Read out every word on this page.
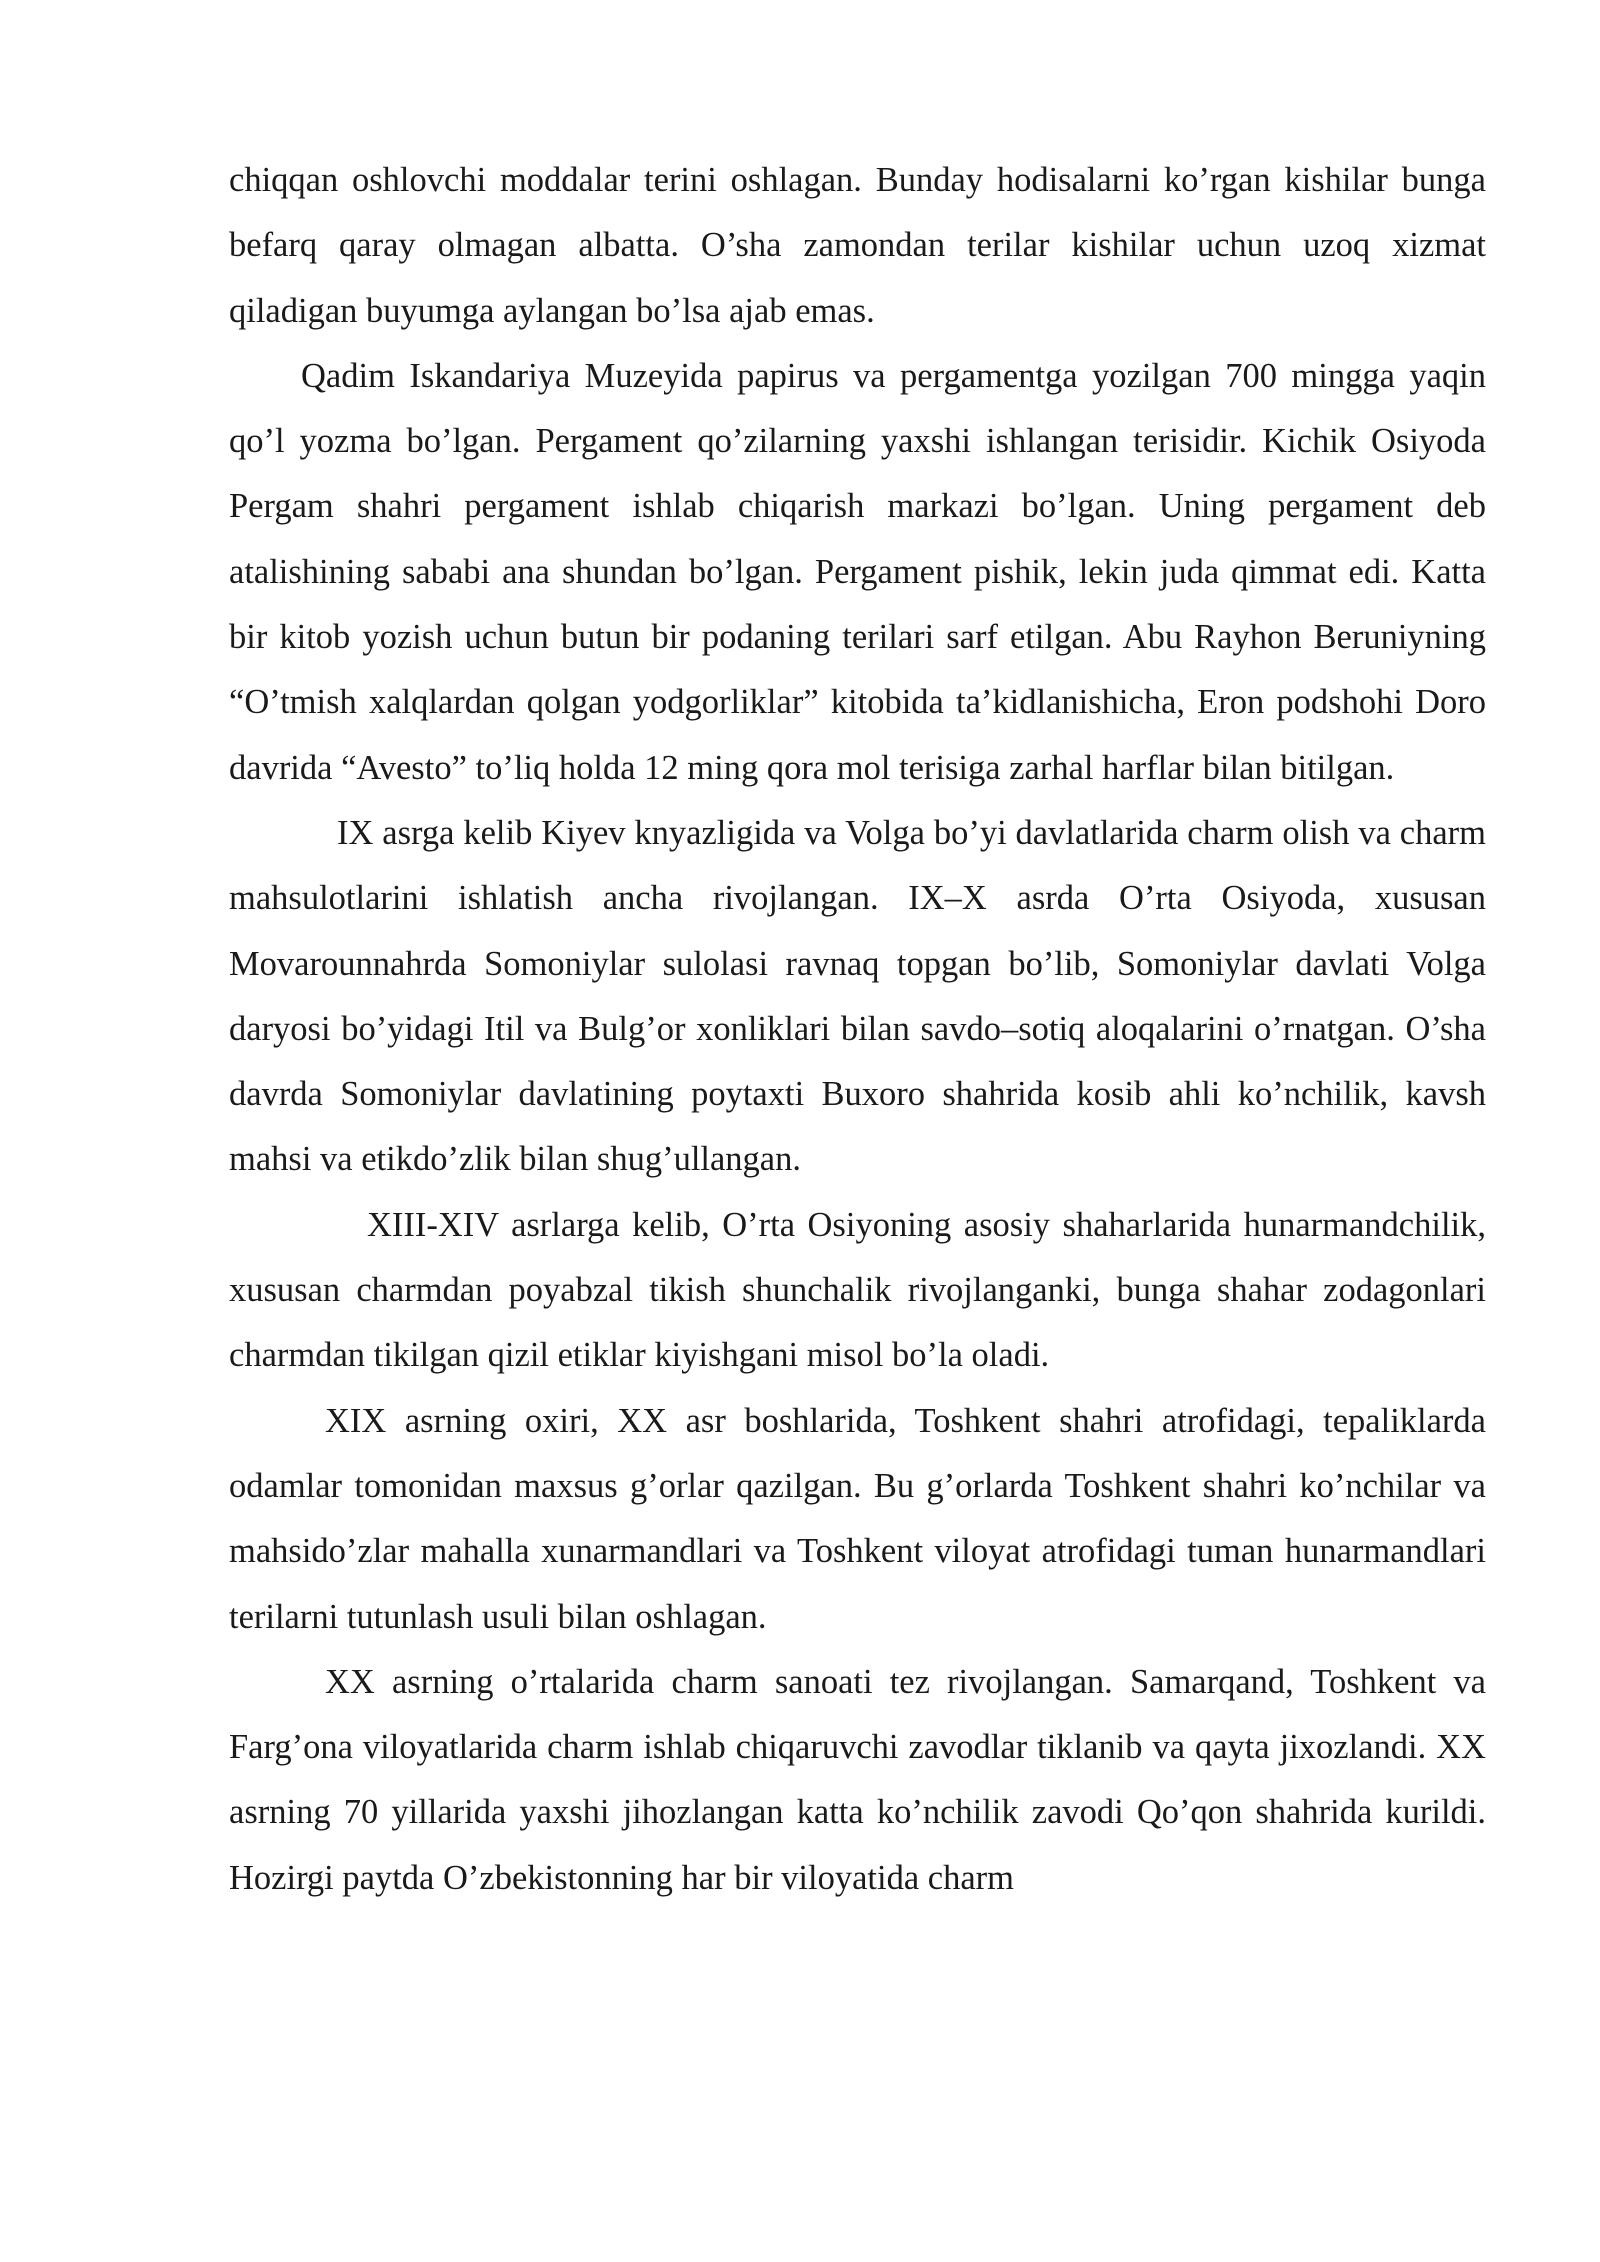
chiqqan oshlovchi moddalar terini oshlagan. Bunday hodisalarni ko’rgan kishilar bunga befarq qaray olmagan albatta. O’sha zamondan terilar kishilar uchun uzoq xizmat qiladigan buyumga aylangan bo’lsa ajab emas.

Qadim Iskandariya Muzeyida papirus va pergamentga yozilgan 700 mingga yaqin qo’l yozma bo’lgan. Pergament qo’zilarning yaxshi ishlangan terisidir. Kichik Osiyoda Pergam shahri pergament ishlab chiqarish markazi bo’lgan. Uning pergament deb atalishining sababi ana shundan bo’lgan. Pergament pishik, lekin juda qimmat edi. Katta bir kitob yozish uchun butun bir podaning terilari sarf etilgan. Abu Rayhon Beruniyning “O’tmish xalqlardan qolgan yodgorliklar” kitobida ta’kidlanishicha, Eron podshohi Doro davrida “Avesto” to’liq holda 12 ming qora mol terisiga zarhal harflar bilan bitilgan.

IX asrga kelib Kiyev knyazligida va Volga bo’yi davlatlarida charm olish va charm mahsulotlarini ishlatish ancha rivojlangan. IX–X asrda O’rta Osiyoda, xususan Movarounnahrda Somoniylar sulolasi ravnaq topgan bo’lib, Somoniylar davlati Volga daryosi bo’yidagi Itil va Bulg’or xonliklari bilan savdo–sotiq aloqalarini o’rnatgan. O’sha davrda Somoniylar davlatining poytaxti Buxoro shahrida kosib ahli ko’nchilik, kavsh mahsi va etikdo’zlik bilan shug’ullangan.

XIII-XIV asrlarga kelib, O’rta Osiyoning asosiy shaharlarida hunarmandchilik, xususan charmdan poyabzal tikish shunchalik rivojlanganki, bunga shahar zodagonlari charmdan tikilgan qizil etiklar kiyishgani misol bo’la oladi.

XIX asrning oxiri, XX asr boshlarida, Toshkent shahri atrofidagi, tepaliklarda odamlar tomonidan maxsus g’orlar qazilgan. Bu g’orlarda Toshkent shahri ko’nchilar va mahsido’zlar mahalla xunarmandlari va Toshkent viloyat atrofidagi tuman hunarmandlari terilarni tutunlash usuli bilan oshlagan.

XX asrning o’rtalarida charm sanoati tez rivojlangan. Samarqand, Toshkent va Farg’ona viloyatlarida charm ishlab chiqaruvchi zavodlar tiklanib va qayta jixozlandi. XX asrning 70 yillarida yaxshi jihozlangan katta ko’nchilik zavodi Qo’qon shahrida kurildi. Hozirgi paytda O’zbekistonning har bir viloyatida charm
